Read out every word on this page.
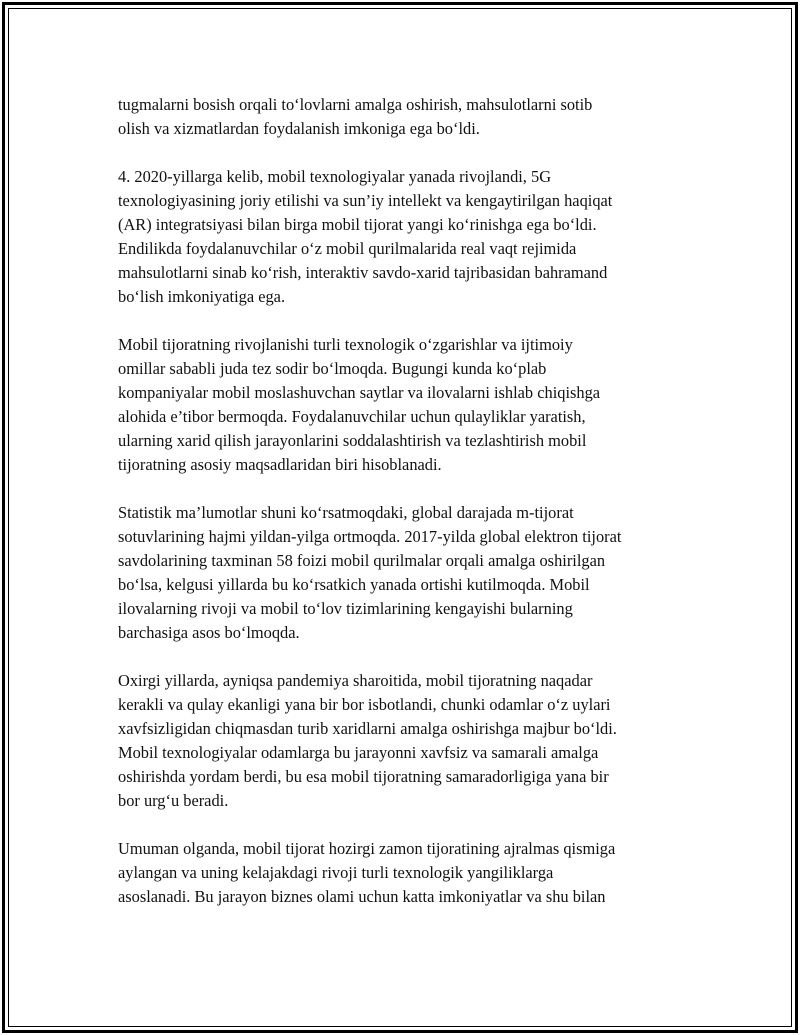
tugmalarni bosish orqali to‘lovlarni amalga oshirish, mahsulotlarni sotib
olish va xizmatlardan foydalanish imkoniga ega bo‘ldi.

4. 2020-yillarga kelib, mobil texnologiyalar yanada rivojlandi, 5G
texnologiyasining joriy etilishi va sun’iy intellekt va kengaytirilgan haqiqat
(AR) integratsiyasi bilan birga mobil tijorat yangi ko‘rinishga ega bo‘ldi.
Endilikda foydalanuvchilar o‘z mobil qurilmalarida real vaqt rejimida
mahsulotlarni sinab ko‘rish, interaktiv savdo-xarid tajribasidan bahramand
bo‘lish imkoniyatiga ega.

Mobil tijoratning rivojlanishi turli texnologik o‘zgarishlar va ijtimoiy
omillar sababli juda tez sodir bo‘lmoqda. Bugungi kunda ko‘plab
kompaniyalar mobil moslashuvchan saytlar va ilovalarni ishlab chiqishga
alohida e’tibor bermoqda. Foydalanuvchilar uchun qulayliklar yaratish,
ularning xarid qilish jarayonlarini soddalashtirish va tezlashtirish mobil
tijoratning asosiy maqsadlaridan biri hisoblanadi.

Statistik ma’lumotlar shuni ko‘rsatmoqdaki, global darajada m-tijorat
sotuvlarining hajmi yildan-yilga ortmoqda. 2017-yilda global elektron tijorat
savdolarining taxminan 58 foizi mobil qurilmalar orqali amalga oshirilgan
bo‘lsa, kelgusi yillarda bu ko‘rsatkich yanada ortishi kutilmoqda. Mobil
ilovalarning rivoji va mobil to‘lov tizimlarining kengayishi bularning
barchasiga asos bo‘lmoqda.

Oxirgi yillarda, ayniqsa pandemiya sharoitida, mobil tijoratning naqadar
kerakli va qulay ekanligi yana bir bor isbotlandi, chunki odamlar o‘z uylari
xavfsizligidan chiqmasdan turib xaridlarni amalga oshirishga majbur bo‘ldi.
Mobil texnologiyalar odamlarga bu jarayonni xavfsiz va samarali amalga
oshirishda yordam berdi, bu esa mobil tijoratning samaradorligiga yana bir
bor urg‘u beradi.

Umuman olganda, mobil tijorat hozirgi zamon tijoratining ajralmas qismiga
aylangan va uning kelajakdagi rivoji turli texnologik yangiliklarga
asoslanadi. Bu jarayon biznes olami uchun katta imkoniyatlar va shu bilan
